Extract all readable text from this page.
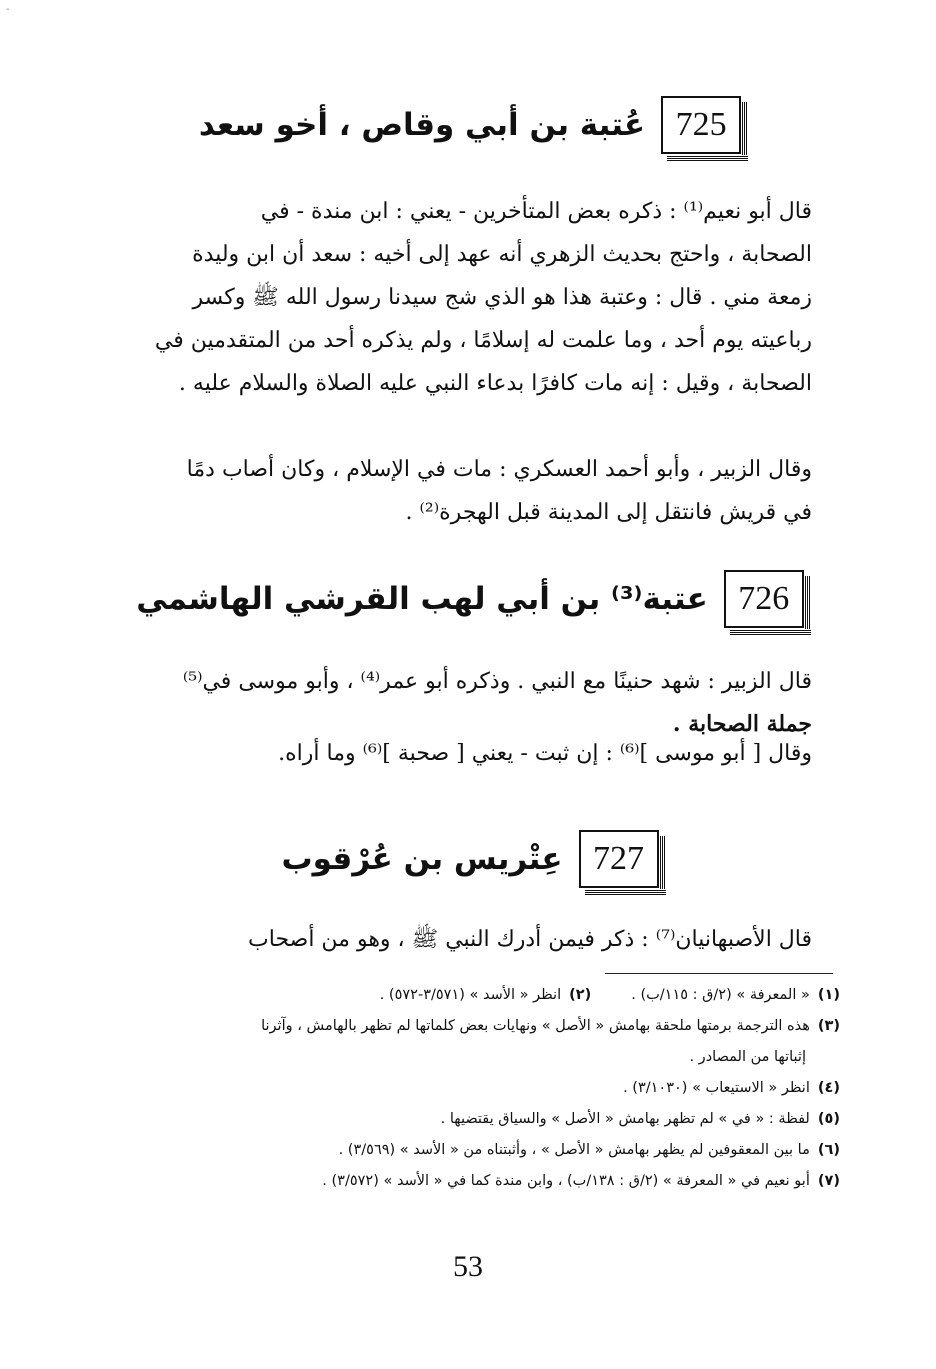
-
725
عُتبة بن أبي وقاص ، أخو سعد
قال أبو نعيم⁽¹⁾ : ذكره بعض المتأخرين - يعني : ابن مندة - في
الصحابة ، واحتج بحديث الزهري أنه عهد إلى أخيه : سعد أن ابن وليدة
زمعة مني . قال : وعتبة هذا هو الذي شج سيدنا رسول الله ﷺ وكسر
رباعيته يوم أحد ، وما علمت له إسلامًا ، ولم يذكره أحد من المتقدمين في
الصحابة ، وقيل : إنه مات كافرًا بدعاء النبي عليه الصلاة والسلام عليه .
وقال الزبير ، وأبو أحمد العسكري : مات في الإسلام ، وكان أصاب دمًا
في قريش فانتقل إلى المدينة قبل الهجرة⁽²⁾ .
726
عتبة⁽³⁾ بن أبي لهب القرشي الهاشمي
قال الزبير : شهد حنينًا مع النبي . وذكره أبو عمر⁽⁴⁾ ، وأبو موسى في⁽⁵⁾
جملة الصحابة .
وقال [ أبو موسى ]⁽⁶⁾ : إن ثبت - يعني [ صحبة ]⁽⁶⁾ وما أراه.
727
عِتْريس بن عُرْقوب
قال الأصبهانيان⁽⁷⁾ : ذكر فيمن أدرك النبي ﷺ ، وهو من أصحاب
(١)« المعرفة » (٢/ق : ١١٥/ب) .
(٢)انظر « الأسد » (٣/٥٧١-٥٧٢) .
(٣)هذه الترجمة برمتها ملحقة بهامش « الأصل » ونهايات بعض كلماتها لم تظهر بالهامش ، وآثرنا
إثباتها من المصادر .
(٤)انظر « الاستيعاب » (٣/١٠٣٠) .
(٥)لفظة : « في » لم تظهر بهامش « الأصل » والسياق يقتضيها .
(٦)ما بين المعقوفين لم يظهر بهامش « الأصل » ، وأثبتناه من « الأسد » (٣/٥٦٩) .
(٧)أبو نعيم في « المعرفة » (٢/ق : ١٣٨/ب) ، وابن مندة كما في « الأسد » (٣/٥٧٢) .
53
